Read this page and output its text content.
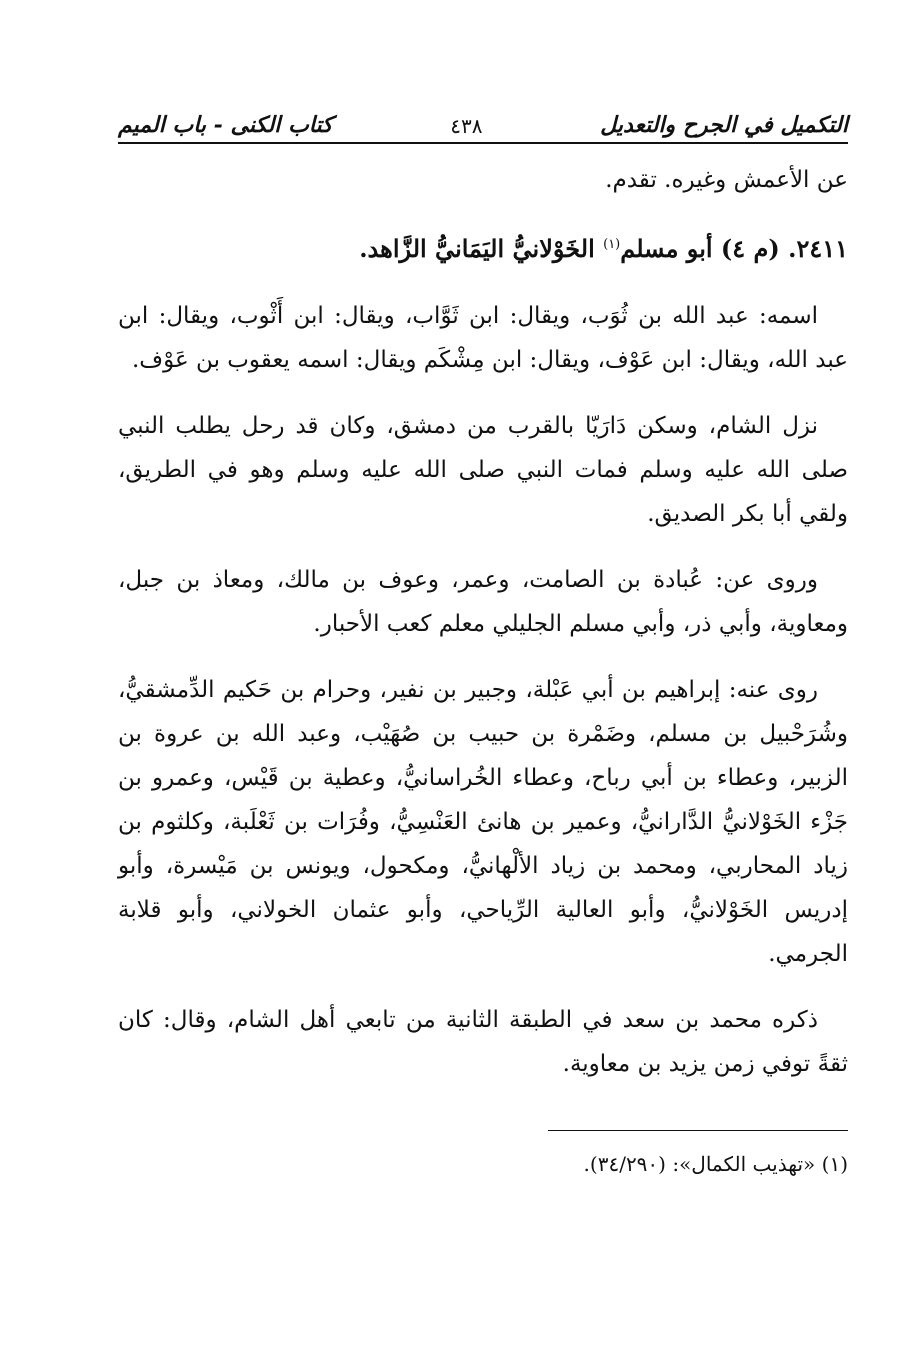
التكميل في الجرح والتعديل
٤٣٨
كتاب الكنى - باب الميم

عن الأعمش وغيره. تقدم.

٢٤١١. (م ٤) أبو مسلم$^{(١)}$ الخَوْلانيُّ اليَمَانيُّ الزَّاهد.

اسمه: عبد الله بن ثُوَب، ويقال: ابن ثَوَّاب، ويقال: ابن أَثْوب، ويقال: ابن عبد الله، ويقال: ابن عَوْف، ويقال: ابن مِشْكَم ويقال: اسمه يعقوب بن عَوْف.

نزل الشام، وسكن دَارَيّا بالقرب من دمشق، وكان قد رحل يطلب النبي صلى الله عليه وسلم فمات النبي صلى الله عليه وسلم وهو في الطريق، ولقي أبا بكر الصديق.

وروى عن: عُبادة بن الصامت، وعمر، وعوف بن مالك، ومعاذ بن جبل، ومعاوية، وأبي ذر، وأبي مسلم الجليلي معلم كعب الأحبار.

روى عنه: إبراهيم بن أبي عَبْلة، وجبير بن نفير، وحرام بن حَكيم الدِّمشقيُّ، وشُرَحْبيل بن مسلم، وضَمْرة بن حبيب بن صُهَيْب، وعبد الله بن عروة بن الزبير، وعطاء بن أبي رباح، وعطاء الخُراسانيُّ، وعطية بن قَيْس، وعمرو بن جَزْء الخَوْلانيُّ الدَّارانيُّ، وعمير بن هانئ العَنْسِيُّ، وفُرَات بن ثَعْلَبة، وكلثوم بن زياد المحاربي، ومحمد بن زياد الألْهانيُّ، ومكحول، ويونس بن مَيْسرة، وأبو إدريس الخَوْلانيُّ، وأبو العالية الرِّياحي، وأبو عثمان الخولاني، وأبو قلابة الجرمي.

ذكره محمد بن سعد في الطبقة الثانية من تابعي أهل الشام، وقال: كان ثقةً توفي زمن يزيد بن معاوية.

(١) «تهذيب الكمال»: (٣٤/٢٩٠).
